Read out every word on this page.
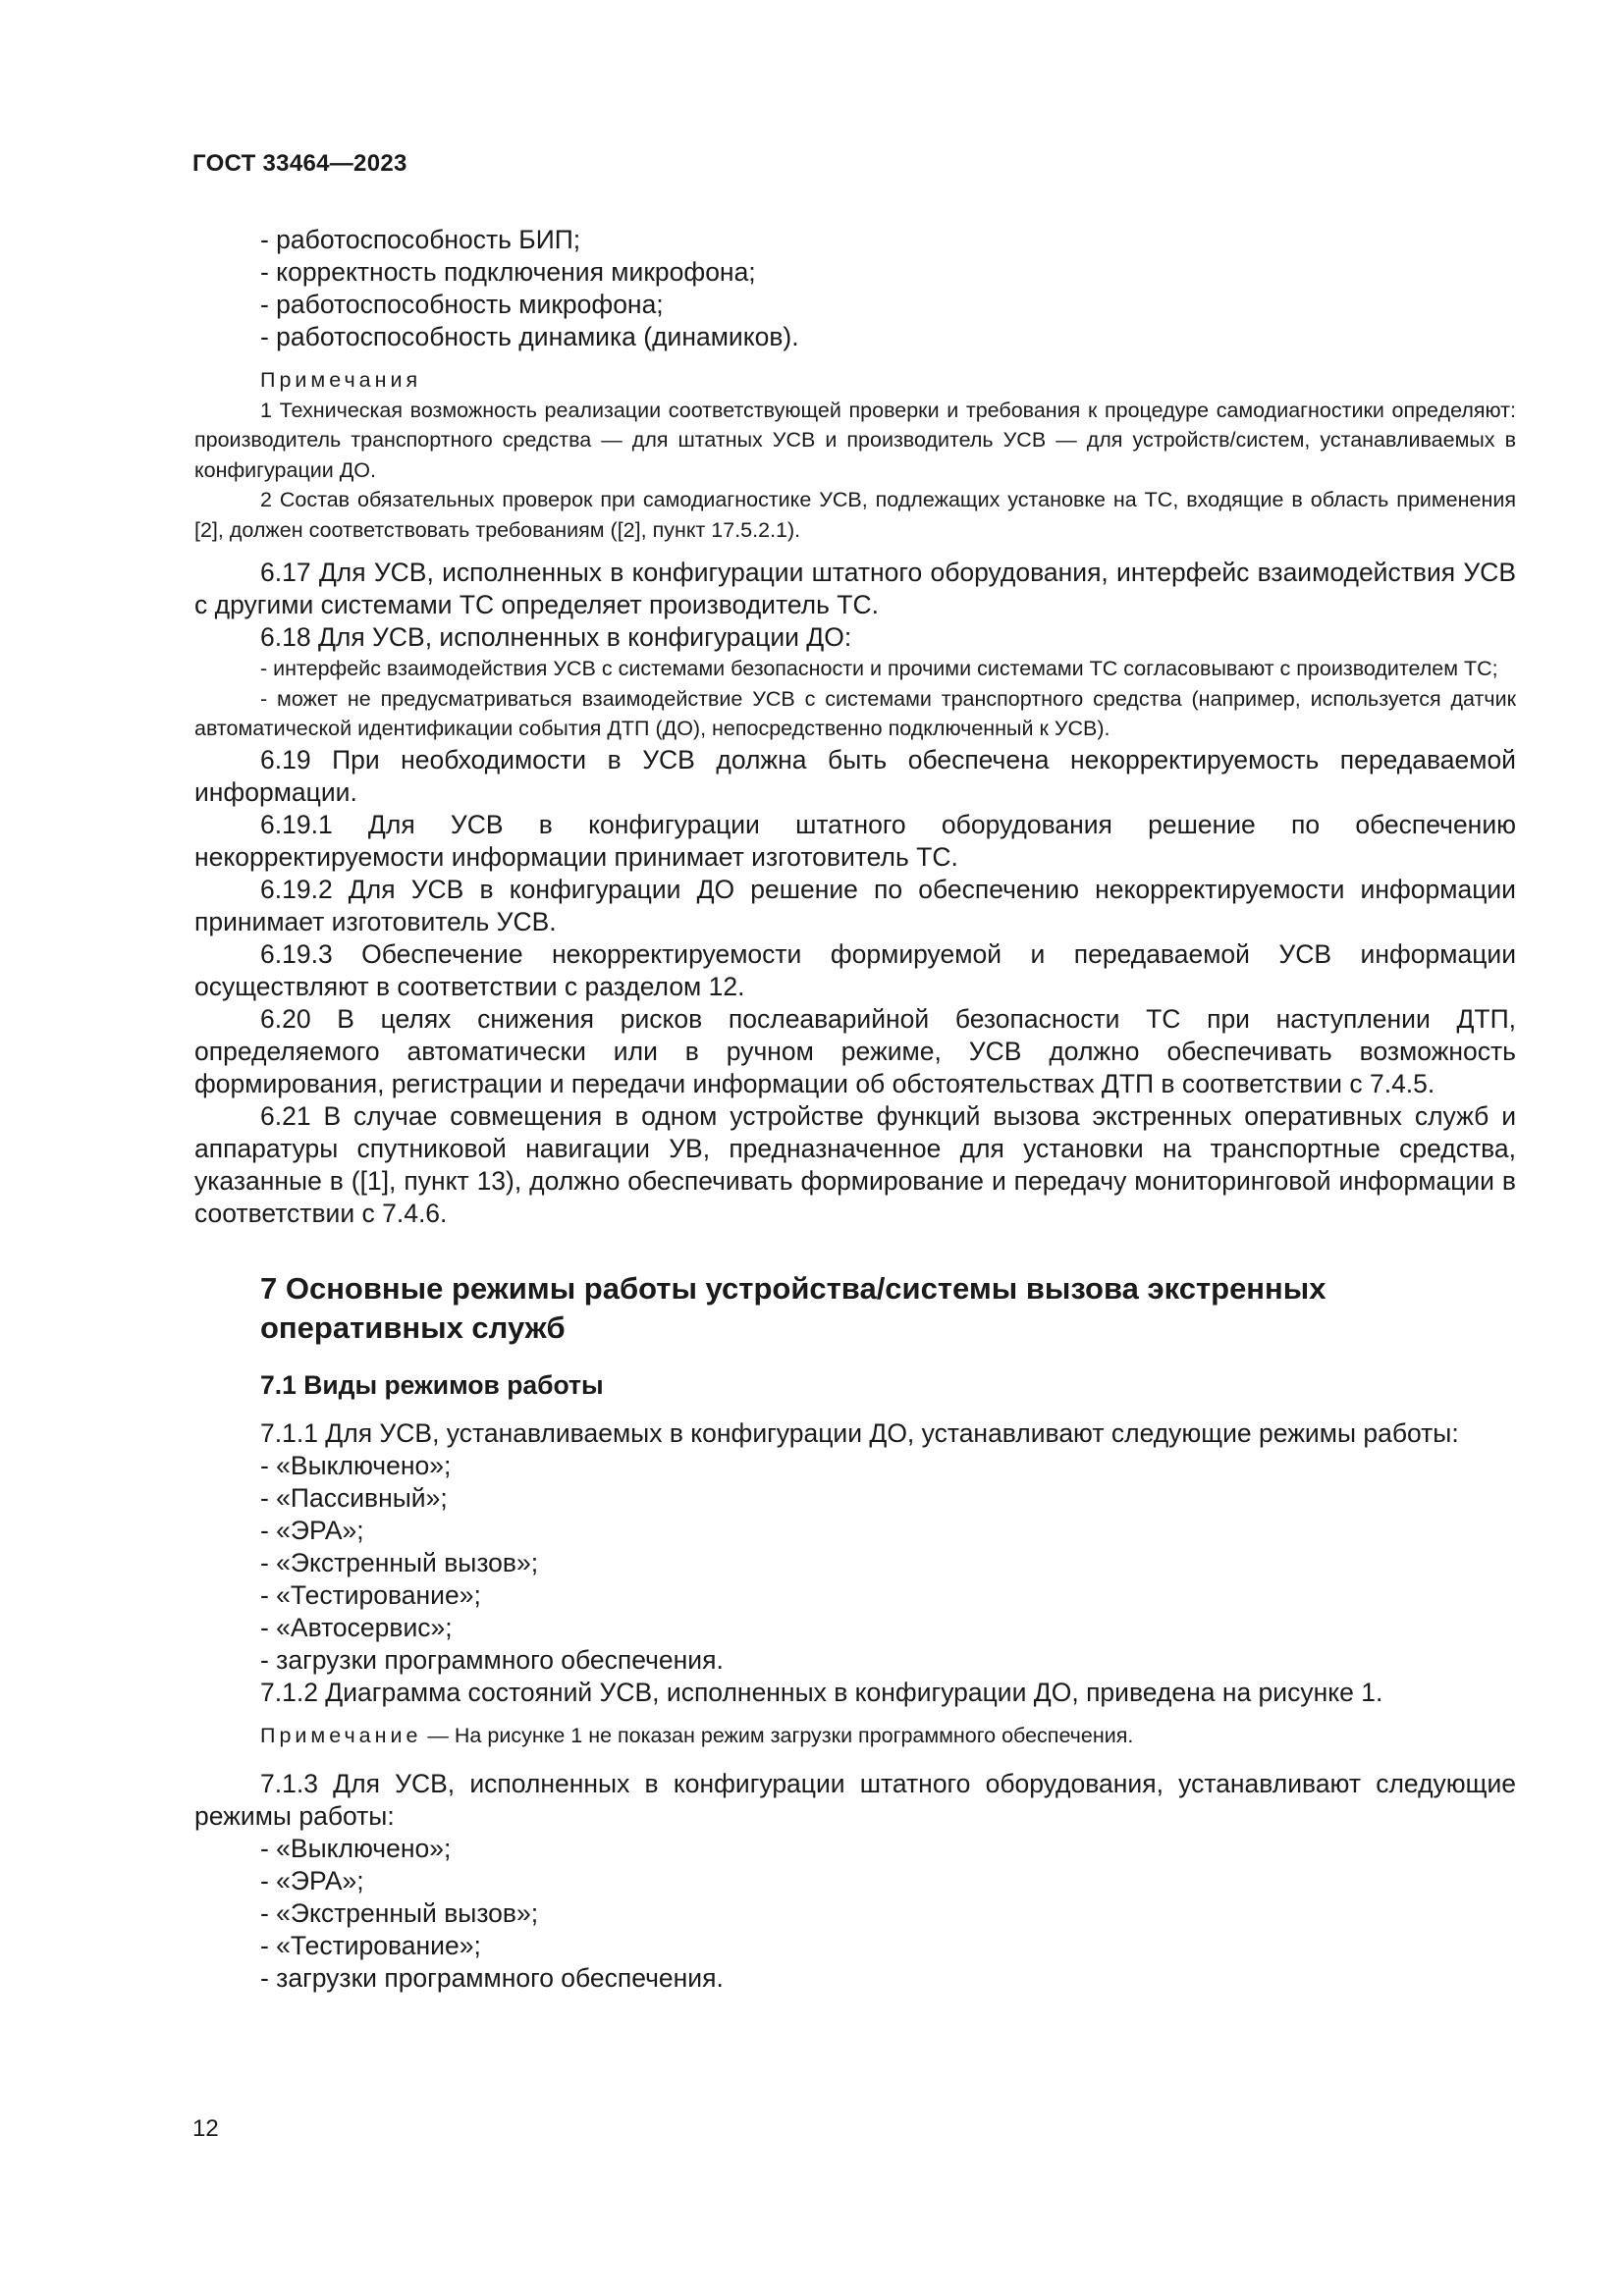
ГОСТ 33464—2023
- работоспособность БИП;
- корректность подключения микрофона;
- работоспособность микрофона;
- работоспособность динамика (динамиков).
Примечания
1 Техническая возможность реализации соответствующей проверки и требования к процедуре самодиагностики определяют: производитель транспортного средства — для штатных УСВ и производитель УСВ — для устройств/систем, устанавливаемых в конфигурации ДО.
2 Состав обязательных проверок при самодиагностике УСВ, подлежащих установке на ТС, входящие в область применения [2], должен соответствовать требованиям ([2], пункт 17.5.2.1).
6.17 Для УСВ, исполненных в конфигурации штатного оборудования, интерфейс взаимодействия УСВ с другими системами ТС определяет производитель ТС.
6.18 Для УСВ, исполненных в конфигурации ДО:
- интерфейс взаимодействия УСВ с системами безопасности и прочими системами ТС согласовывают с производителем ТС;
- может не предусматриваться взаимодействие УСВ с системами транспортного средства (например, используется датчик автоматической идентификации события ДТП (ДО), непосредственно подключенный к УСВ).
6.19 При необходимости в УСВ должна быть обеспечена некорректируемость передаваемой информации.
6.19.1 Для УСВ в конфигурации штатного оборудования решение по обеспечению некорректируемости информации принимает изготовитель ТС.
6.19.2 Для УСВ в конфигурации ДО решение по обеспечению некорректируемости информации принимает изготовитель УСВ.
6.19.3 Обеспечение некорректируемости формируемой и передаваемой УСВ информации осуществляют в соответствии с разделом 12.
6.20 В целях снижения рисков послеаварийной безопасности ТС при наступлении ДТП, определяемого автоматически или в ручном режиме, УСВ должно обеспечивать возможность формирования, регистрации и передачи информации об обстоятельствах ДТП в соответствии с 7.4.5.
6.21 В случае совмещения в одном устройстве функций вызова экстренных оперативных служб и аппаратуры спутниковой навигации УВ, предназначенное для установки на транспортные средства, указанные в ([1], пункт 13), должно обеспечивать формирование и передачу мониторинговой информации в соответствии с 7.4.6.
7 Основные режимы работы устройства/системы вызова экстренных оперативных служб
7.1 Виды режимов работы
7.1.1 Для УСВ, устанавливаемых в конфигурации ДО, устанавливают следующие режимы работы:
- «Выключено»;
- «Пассивный»;
- «ЭРА»;
- «Экстренный вызов»;
- «Тестирование»;
- «Автосервис»;
- загрузки программного обеспечения.
7.1.2 Диаграмма состояний УСВ, исполненных в конфигурации ДО, приведена на рисунке 1.
Примечание — На рисунке 1 не показан режим загрузки программного обеспечения.
7.1.3 Для УСВ, исполненных в конфигурации штатного оборудования, устанавливают следующие режимы работы:
- «Выключено»;
- «ЭРА»;
- «Экстренный вызов»;
- «Тестирование»;
- загрузки программного обеспечения.
12
